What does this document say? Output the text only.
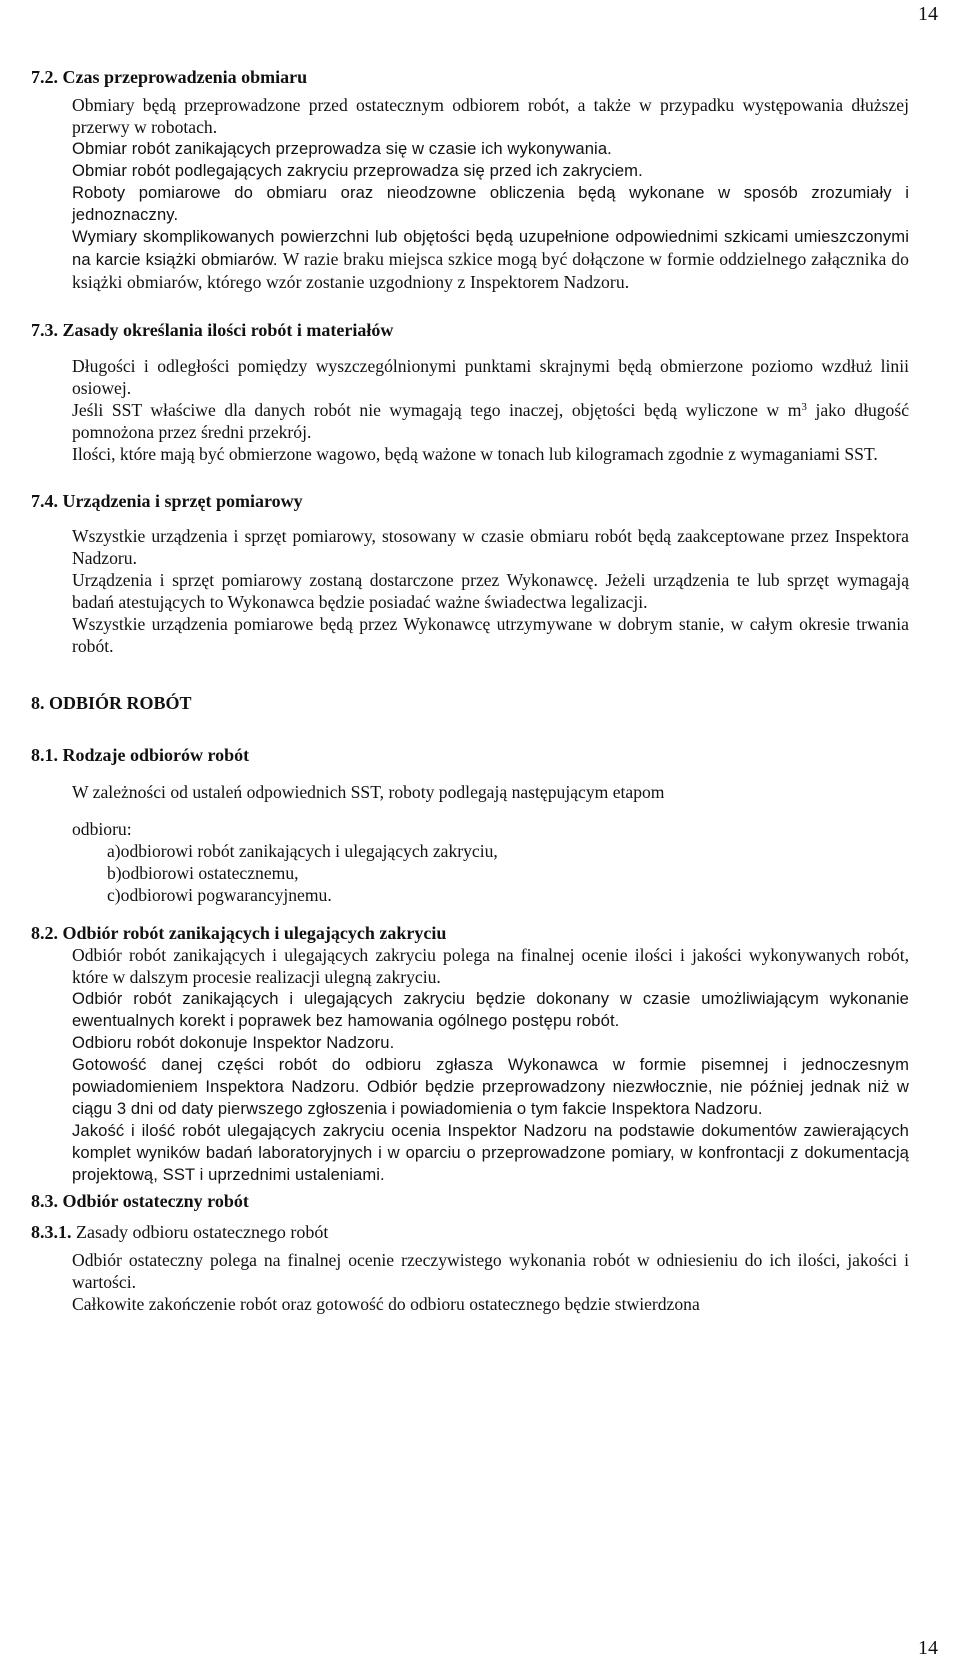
14

7.2. Czas przeprowadzenia obmiaru

Obmiary będą przeprowadzone przed ostatecznym odbiorem robót, a także w przypadku występowania dłuższej przerwy w robotach.

Obmiar robót zanikających przeprowadza się w czasie ich wykonywania.

Obmiar robót podlegających zakryciu przeprowadza się przed ich zakryciem.

Roboty pomiarowe do obmiaru oraz nieodzowne obliczenia będą wykonane w sposób zrozumiały i jednoznaczny.

Wymiary skomplikowanych powierzchni lub objętości będą uzupełnione odpowiednimi szkicami umieszczonymi na karcie książki obmiarów. W razie braku miejsca szkice mogą być dołączone w formie oddzielnego załącznika do książki obmiarów, którego wzór zostanie uzgodniony z Inspektorem Nadzoru.

7.3. Zasady określania ilości robót i materiałów

Długości i odległości pomiędzy wyszczególnionymi punktami skrajnymi będą obmierzone poziomo wzdłuż linii osiowej.

Jeśli SST właściwe dla danych robót nie wymagają tego inaczej, objętości będą wyliczone w $m^3$ jako długość pomnożona przez średni przekrój.

Ilości, które mają być obmierzone wagowo, będą ważone w tonach lub kilogramach zgodnie z wymaganiami SST.

7.4. Urządzenia i sprzęt pomiarowy

Wszystkie urządzenia i sprzęt pomiarowy, stosowany w czasie obmiaru robót będą zaakceptowane przez Inspektora Nadzoru.

Urządzenia i sprzęt pomiarowy zostaną dostarczone przez Wykonawcę. Jeżeli urządzenia te lub sprzęt wymagają badań atestujących to Wykonawca będzie posiadać ważne świadectwa legalizacji.

Wszystkie urządzenia pomiarowe będą przez Wykonawcę utrzymywane w dobrym stanie, w całym okresie trwania robót.

8. ODBIÓR ROBÓT

8.1. Rodzaje odbiorów robót

W zależności od ustaleń odpowiednich SST, roboty podlegają następującym etapom

odbioru:

a)odbiorowi robót zanikających i ulegających zakryciu,

b)odbiorowi ostatecznemu,

c)odbiorowi pogwarancyjnemu.

8.2. Odbiór robót zanikających i ulegających zakryciu

Odbiór robót zanikających i ulegających zakryciu polega na finalnej ocenie ilości i jakości wykonywanych robót, które w dalszym procesie realizacji ulegną zakryciu.

Odbiór robót zanikających i ulegających zakryciu będzie dokonany w czasie umożliwiającym wykonanie ewentualnych korekt i poprawek bez hamowania ogólnego postępu robót.

Odbioru robót dokonuje Inspektor Nadzoru.

Gotowość danej części robót do odbioru zgłasza Wykonawca w formie pisemnej i jednoczesnym powiadomieniem Inspektora Nadzoru. Odbiór będzie przeprowadzony niezwłocznie, nie później jednak niż w ciągu 3 dni od daty pierwszego zgłoszenia i powiadomienia o tym fakcie Inspektora Nadzoru.

Jakość i ilość robót ulegających zakryciu ocenia Inspektor Nadzoru na podstawie dokumentów zawierających komplet wyników badań laboratoryjnych i w oparciu o przeprowadzone pomiary, w konfrontacji z dokumentacją projektową, SST i uprzednimi ustaleniami.

8.3. Odbiór ostateczny robót

8.3.1. Zasady odbioru ostatecznego robót

Odbiór ostateczny polega na finalnej ocenie rzeczywistego wykonania robót w odniesieniu do ich ilości, jakości i wartości.

Całkowite zakończenie robót oraz gotowość do odbioru ostatecznego będzie stwierdzona

14
